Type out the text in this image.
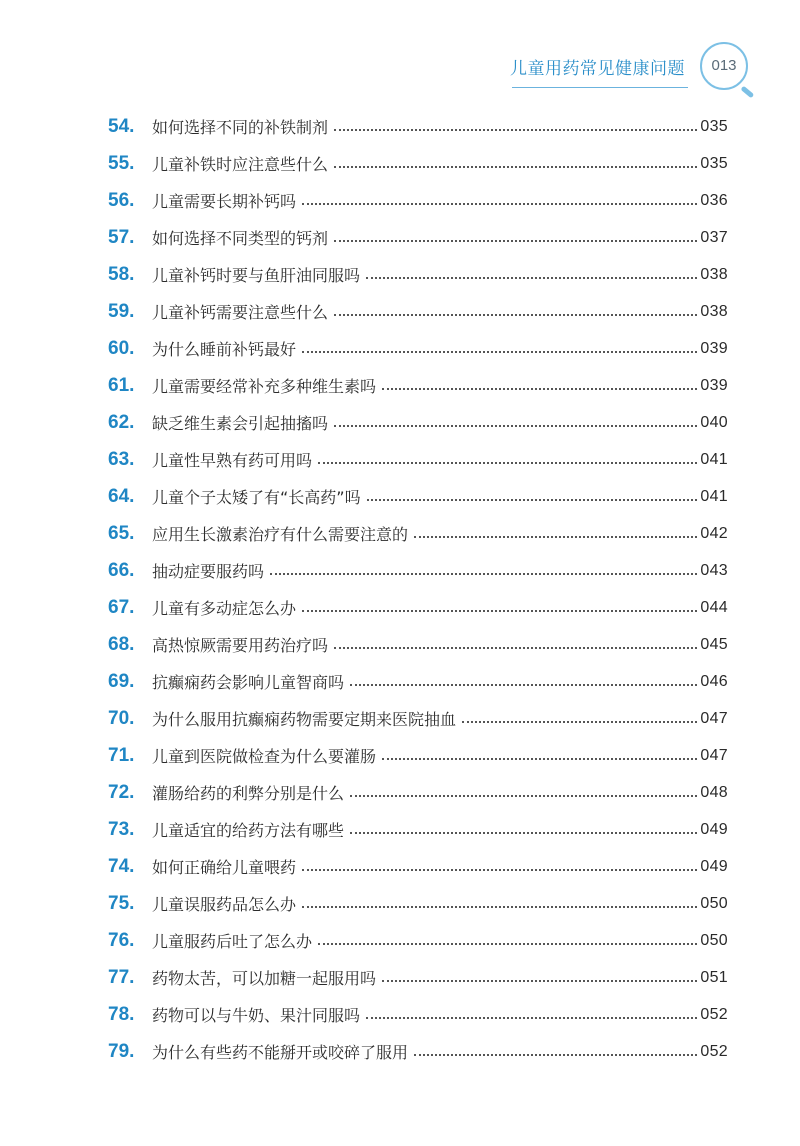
儿童用药常见健康问题	013
54.	如何选择不同的补铁制剂	035
55.	儿童补铁时应注意些什么	035
56.	儿童需要长期补钙吗	036
57.	如何选择不同类型的钙剂	037
58.	儿童补钙时要与鱼肝油同服吗	038
59.	儿童补钙需要注意些什么	038
60.	为什么睡前补钙最好	039
61.	儿童需要经常补充多种维生素吗	039
62.	缺乏维生素会引起抽搐吗	040
63.	儿童性早熟有药可用吗	041
64.	儿童个子太矮了有“长高药”吗	041
65.	应用生长激素治疗有什么需要注意的	042
66.	抽动症要服药吗	043
67.	儿童有多动症怎么办	044
68.	高热惊厥需要用药治疗吗	045
69.	抗癫痫药会影响儿童智商吗	046
70.	为什么服用抗癫痫药物需要定期来医院抽血	047
71.	儿童到医院做检查为什么要灌肠	047
72.	灌肠给药的利弊分别是什么	048
73.	儿童适宜的给药方法有哪些	049
74.	如何正确给儿童喂药	049
75.	儿童误服药品怎么办	050
76.	儿童服药后吐了怎么办	050
77.	药物太苦，可以加糖一起服用吗	051
78.	药物可以与牛奶、果汁同服吗	052
79.	为什么有些药不能掰开或咬碎了服用	052
